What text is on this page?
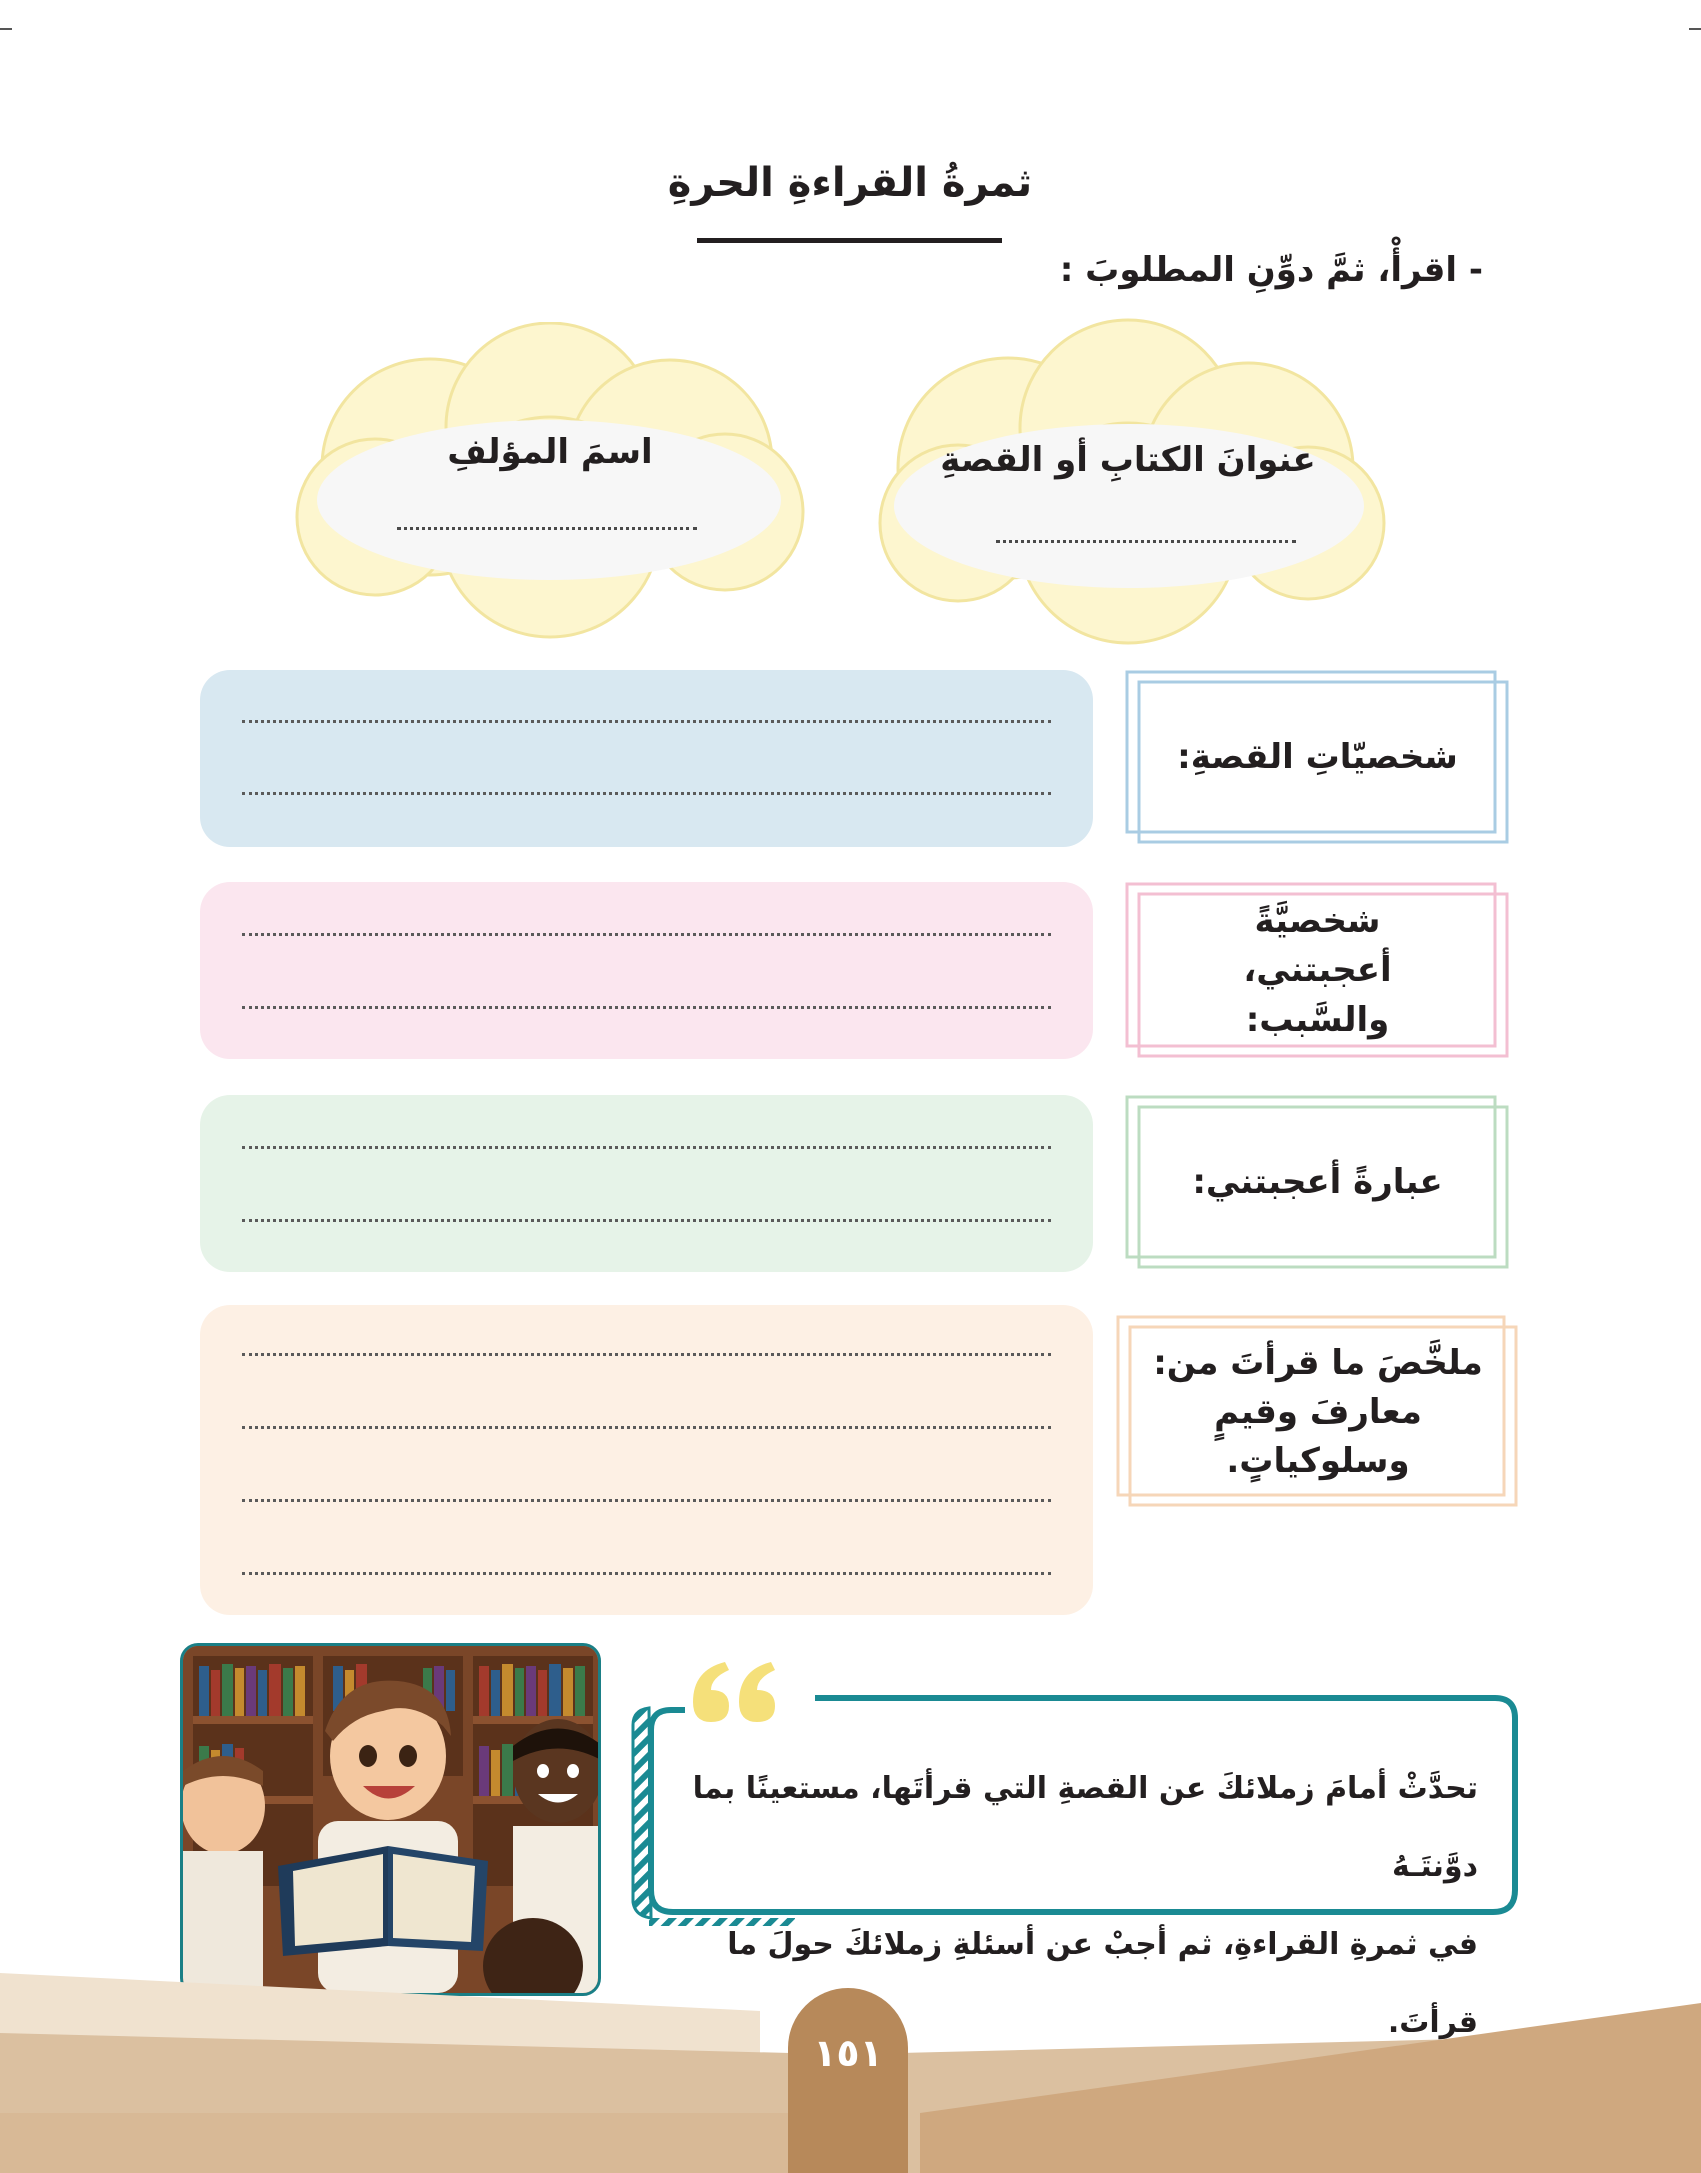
ثمرةُ القراءةِ الحرةِ
- اقرأْ، ثمَّ دوِّنِ المطلوبَ :
عنوانَ الكتابِ أو القصةِ
اسمَ المؤلفِ
شخصيّاتِ القصةِ:
شخصيَّةً أعجبتني، والسَّبب:
عبارةً أعجبتني:
ملخَّصَ ما قرأتَ من: معارفَ وقيمٍ وسلوكياتٍ.
تحدَّثْ أمامَ زملائكَ عن القصةِ التي قرأتَها، مستعينًا بما دوَّنتَـهُ
في ثمرةِ القراءةِ، ثم أجبْ عن أسئلةِ زملائكَ حولَ ما قرأتَ.
١٥١
